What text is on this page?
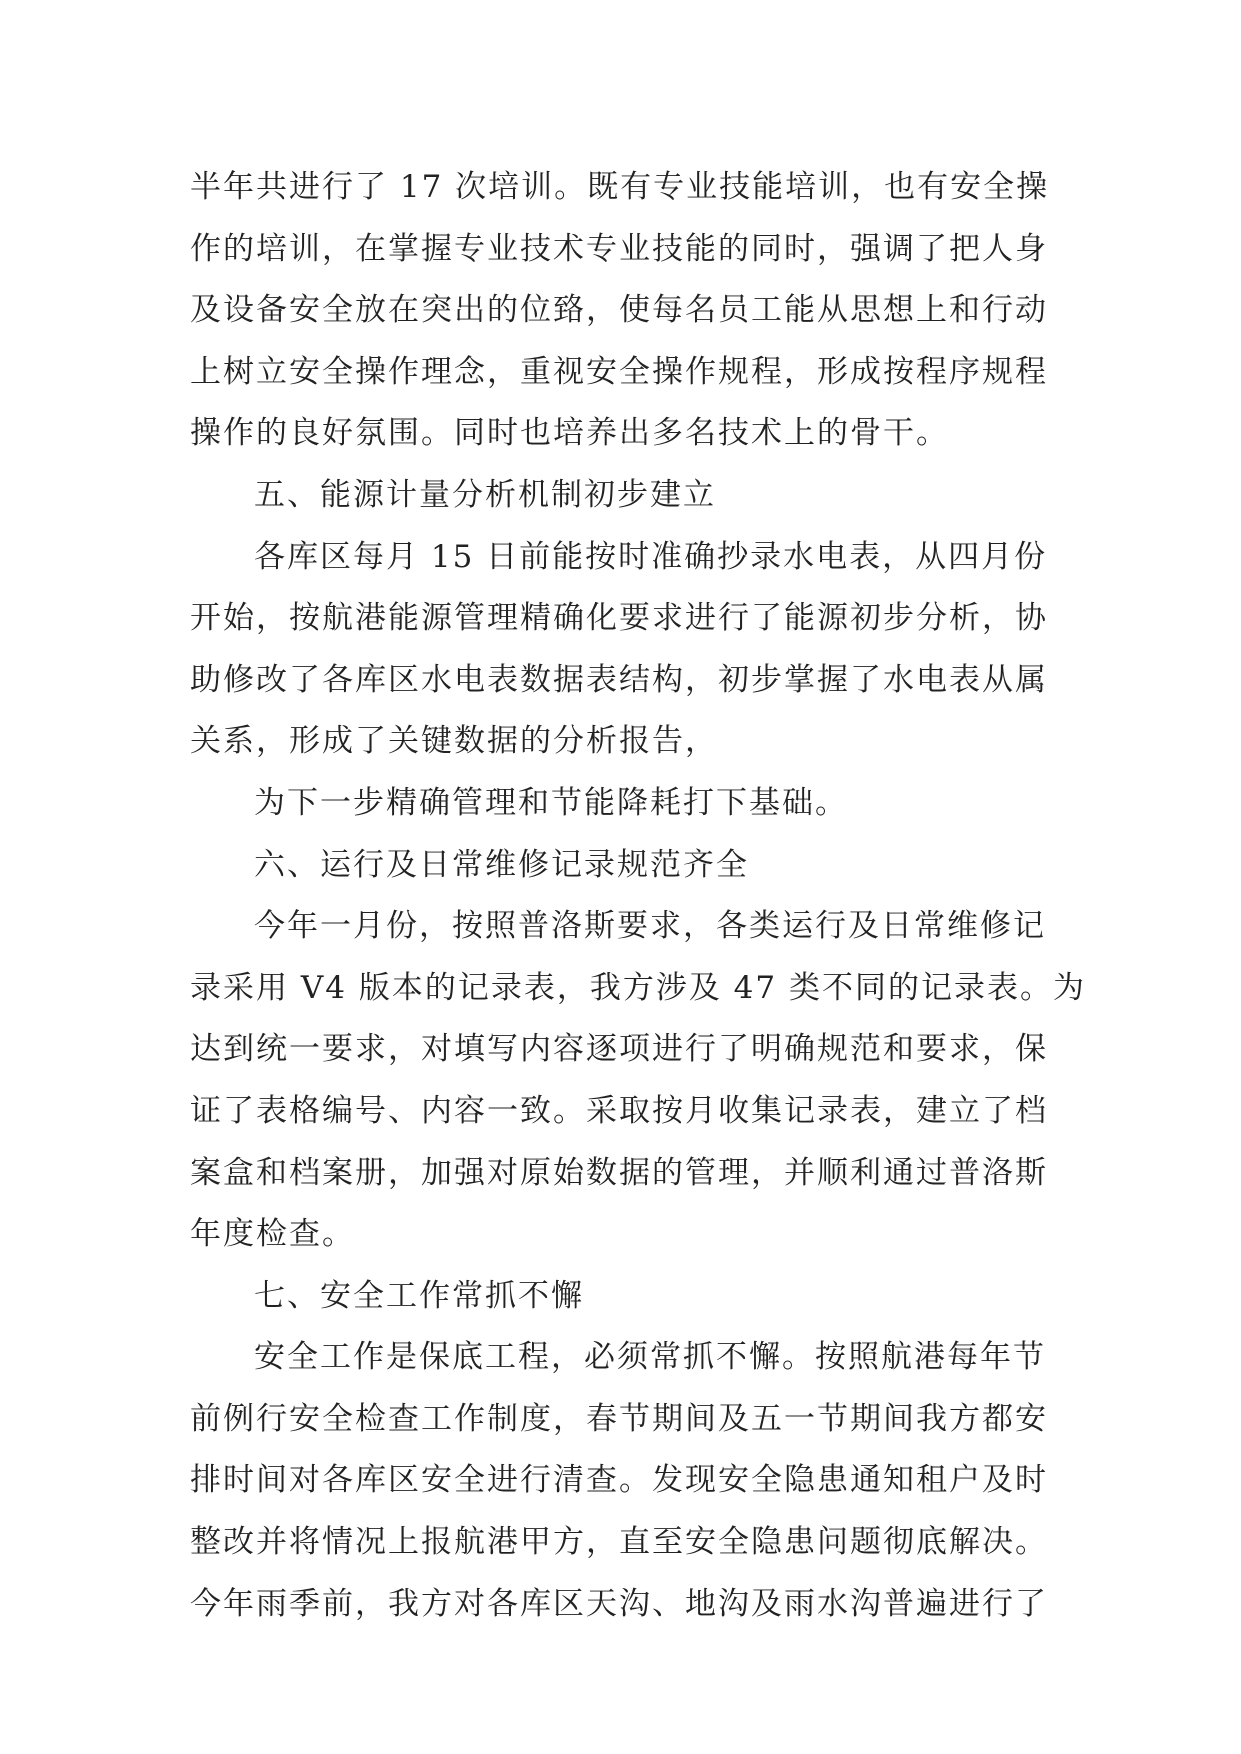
半年共进行了 17 次培训。既有专业技能培训，也有安全操
作的培训，在掌握专业技术专业技能的同时，强调了把人身
及设备安全放在突出的位臵，使每名员工能从思想上和行动
上树立安全操作理念，重视安全操作规程，形成按程序规程
操作的良好氛围。同时也培养出多名技术上的骨干。
五、能源计量分析机制初步建立
各库区每月 15 日前能按时准确抄录水电表，从四月份
开始，按航港能源管理精确化要求进行了能源初步分析，协
助修改了各库区水电表数据表结构，初步掌握了水电表从属
关系，形成了关键数据的分析报告，
为下一步精确管理和节能降耗打下基础。
六、运行及日常维修记录规范齐全
今年一月份，按照普洛斯要求，各类运行及日常维修记
录采用 V4 版本的记录表，我方涉及 47 类不同的记录表。为
达到统一要求，对填写内容逐项进行了明确规范和要求，保
证了表格编号、内容一致。采取按月收集记录表，建立了档
案盒和档案册，加强对原始数据的管理，并顺利通过普洛斯
年度检查。
七、安全工作常抓不懈
安全工作是保底工程，必须常抓不懈。按照航港每年节
前例行安全检查工作制度，春节期间及五一节期间我方都安
排时间对各库区安全进行清查。发现安全隐患通知租户及时
整改并将情况上报航港甲方，直至安全隐患问题彻底解决。
今年雨季前，我方对各库区天沟、地沟及雨水沟普遍进行了
